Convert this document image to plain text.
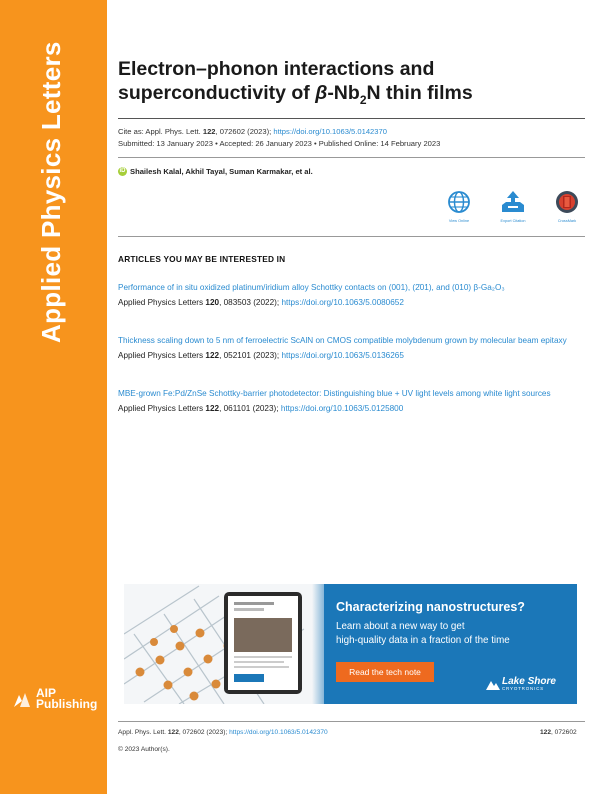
Applied Physics Letters
AIP
Publishing
Electron–phonon interactions and
superconductivity of $\beta-Nb_2N$ thin films
Cite as: Appl. Phys. Lett. 122, 072602 (2023); https://doi.org/10.1063/5.0142370
Submitted: 13 January 2023 • Accepted: 26 January 2023 • Published Online: 14 February 2023
iD Shailesh Kalal, Akhil Tayal, Suman Karmakar, et al.
View Online	Export Citation	CrossMark
ARTICLES YOU MAY BE INTERESTED IN
Performance of in situ oxidized platinum/iridium alloy Schottky contacts on (001), (2̄01), and (010) β-Ga₂O₃
Applied Physics Letters 120, 083503 (2022); https://doi.org/10.1063/5.0080652
Thickness scaling down to 5 nm of ferroelectric ScAlN on CMOS compatible molybdenum grown by molecular beam epitaxy
Applied Physics Letters 122, 052101 (2023); https://doi.org/10.1063/5.0136265
MBE-grown Fe:Pd/ZnSe Schottky-barrier photodetector: Distinguishing blue + UV light levels among white light sources
Applied Physics Letters 122, 061101 (2023); https://doi.org/10.1063/5.0125800
Characterizing nanostructures?
Learn about a new way to get
high-quality data in a fraction of the time
Read the tech note
Lake Shore
CRYOTRONICS
Appl. Phys. Lett. 122, 072602 (2023); https://doi.org/10.1063/5.0142370	122, 072602
© 2023 Author(s).
